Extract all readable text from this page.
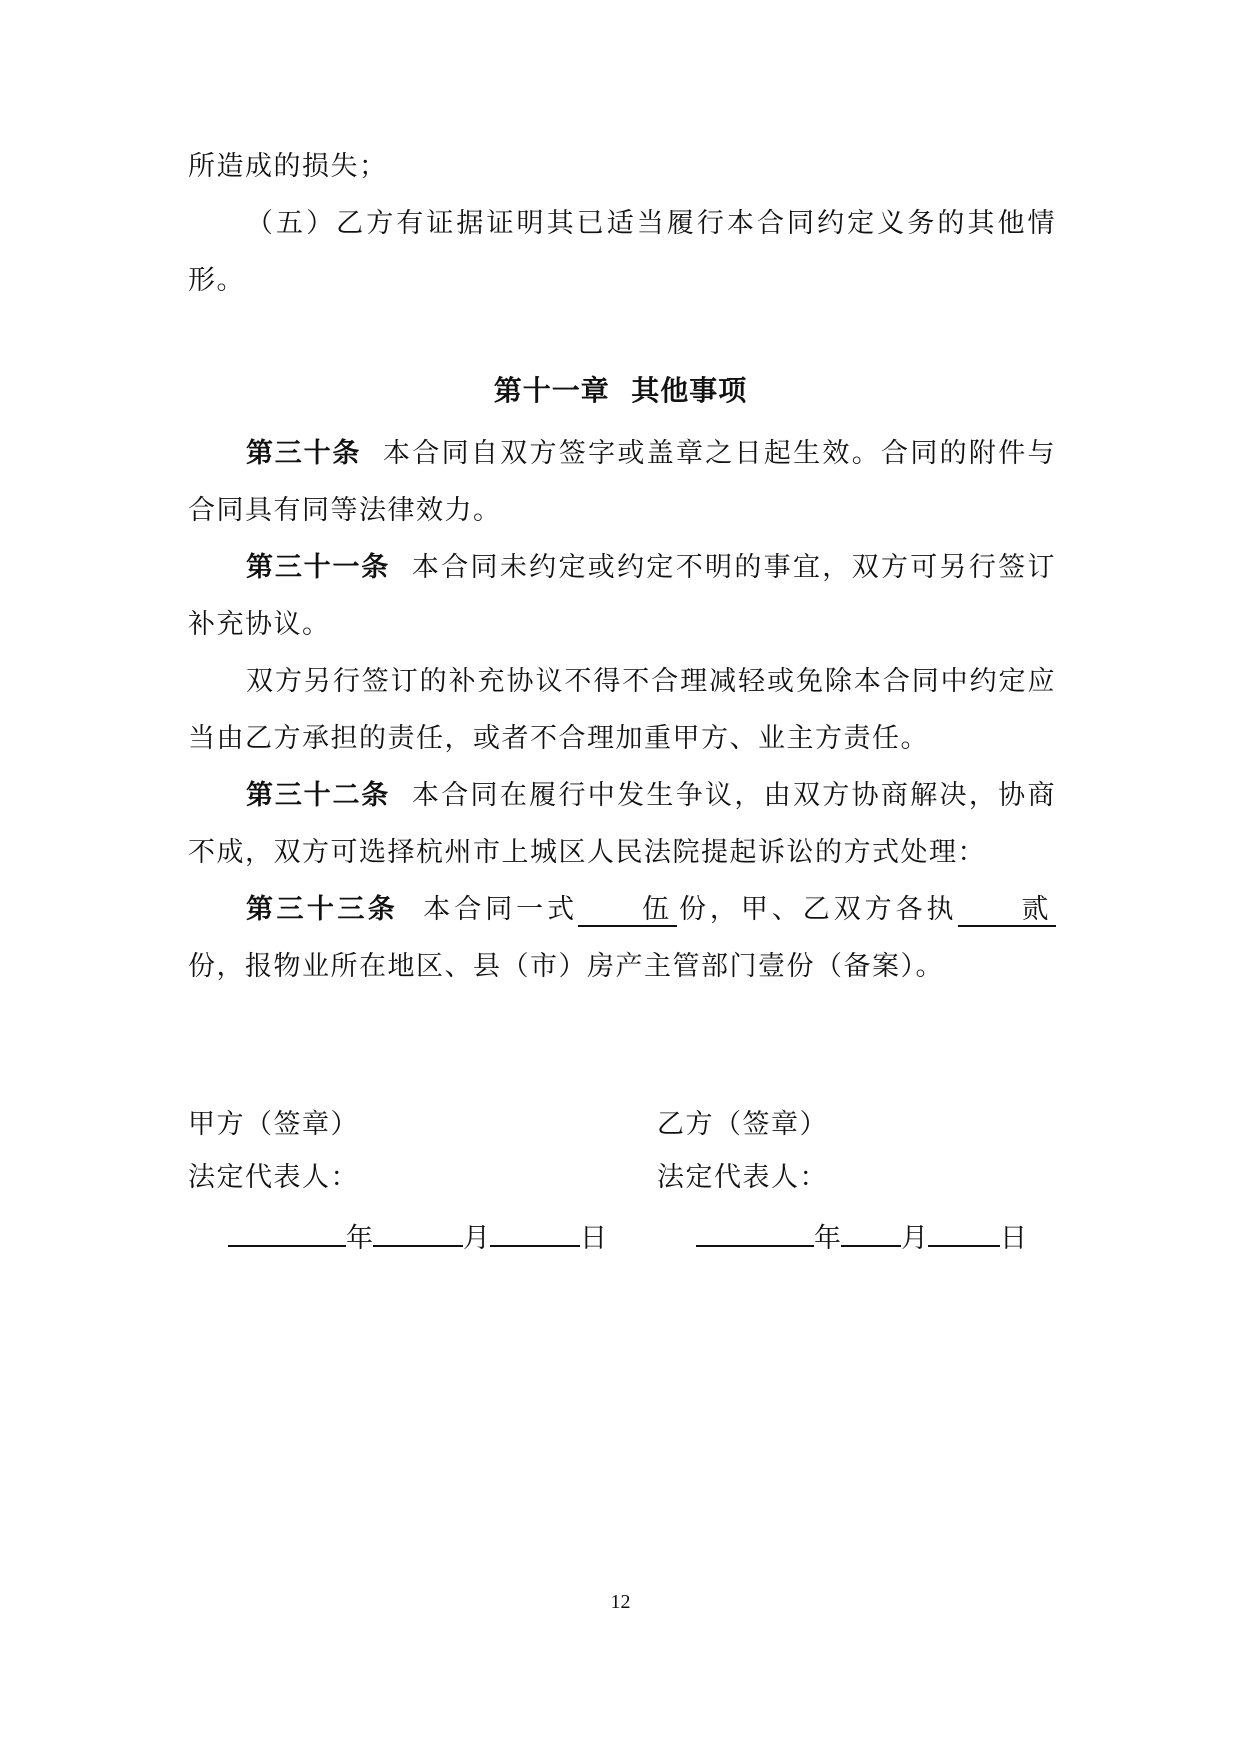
所造成的损失；

（五）乙方有证据证明其已适当履行本合同约定义务的其他情形。

第十一章  其他事项

第三十条 本合同自双方签字或盖章之日起生效。合同的附件与合同具有同等法律效力。

第三十一条 本合同未约定或约定不明的事宜，双方可另行签订补充协议。

双方另行签订的补充协议不得不合理减轻或免除本合同中约定应当由乙方承担的责任，或者不合理加重甲方、业主方责任。

第三十二条 本合同在履行中发生争议，由双方协商解决，协商不成，双方可选择杭州市上城区人民法院提起诉讼的方式处理：

第三十三条 本合同一式 伍 份，甲、乙双方各执 贰份，报物业所在地区、县（市）房产主管部门壹份（备案）。

甲方（签章）
法定代表人：
乙方（签章）
法定代表人：
年	月	日	年 月	日
12
